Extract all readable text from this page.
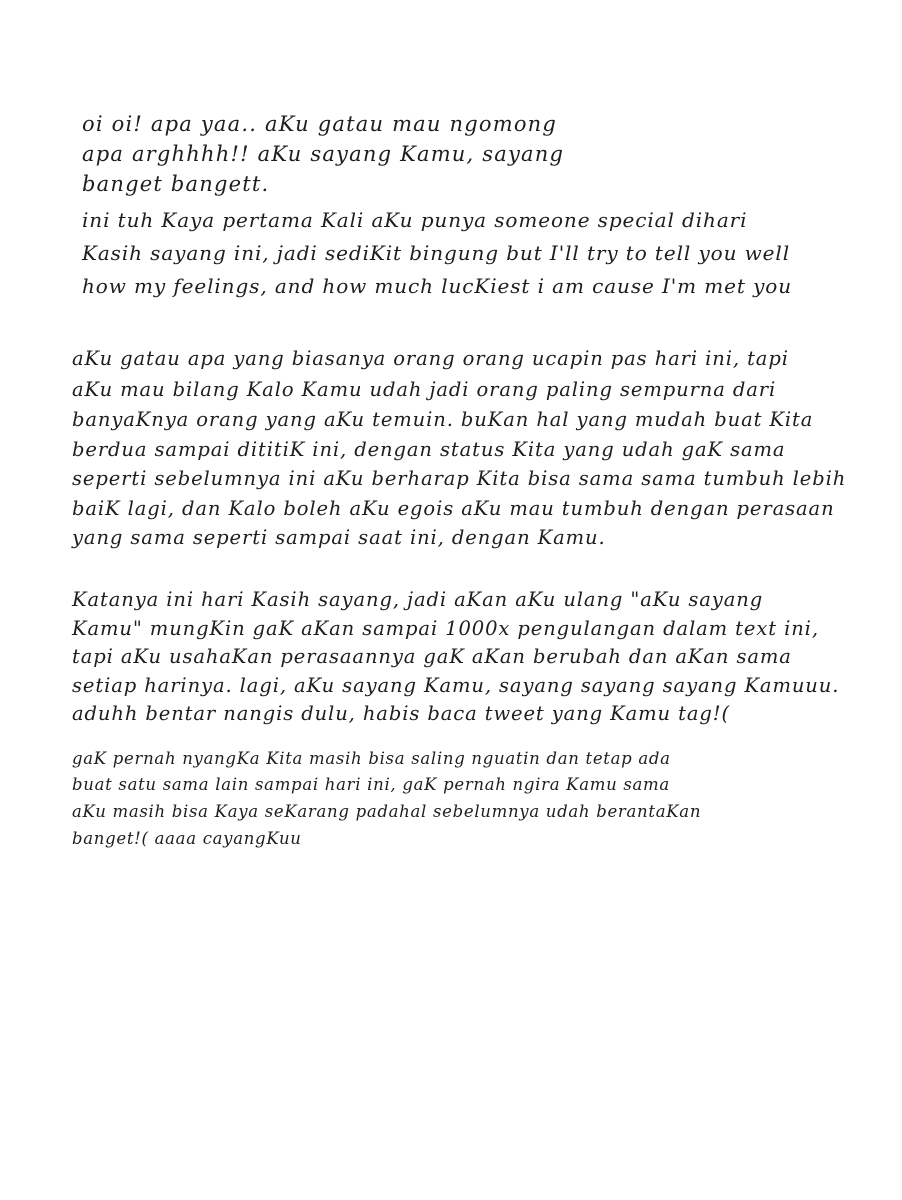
oi oi! apa yaa.. aKu gatau mau ngomong
apa arghhhh!! aKu sayang Kamu, sayang
banget bangett.
ini tuh Kaya pertama Kali aKu punya someone special dihari
Kasih sayang ini, jadi sediKit bingung but I'll try to tell you well
how my feelings, and how much lucKiest i am cause I'm met you
aKu gatau apa yang biasanya orang orang ucapin pas hari ini, tapi
aKu mau bilang Kalo Kamu udah jadi orang paling sempurna dari
banyaKnya orang yang aKu temuin. buKan hal yang mudah buat Kita
berdua sampai dititiK ini, dengan status Kita yang udah gaK sama
seperti sebelumnya ini aKu berharap Kita bisa sama sama tumbuh lebih
baiK lagi, dan Kalo boleh aKu egois aKu mau tumbuh dengan perasaan
yang sama seperti sampai saat ini, dengan Kamu.
Katanya ini hari Kasih sayang, jadi aKan aKu ulang "aKu sayang
Kamu" mungKin gaK aKan sampai 1000x pengulangan dalam text ini,
tapi aKu usahaKan perasaannya gaK aKan berubah dan aKan sama
setiap harinya. lagi, aKu sayang Kamu, sayang sayang sayang Kamuuu.
aduhh bentar nangis dulu, habis baca tweet yang Kamu tag!(
gaK pernah nyangKa Kita masih bisa saling nguatin dan tetap ada
buat satu sama lain sampai hari ini, gaK pernah ngira Kamu sama
aKu masih bisa Kaya seKarang padahal sebelumnya udah berantaKan
banget!( aaaa cayangKuu
